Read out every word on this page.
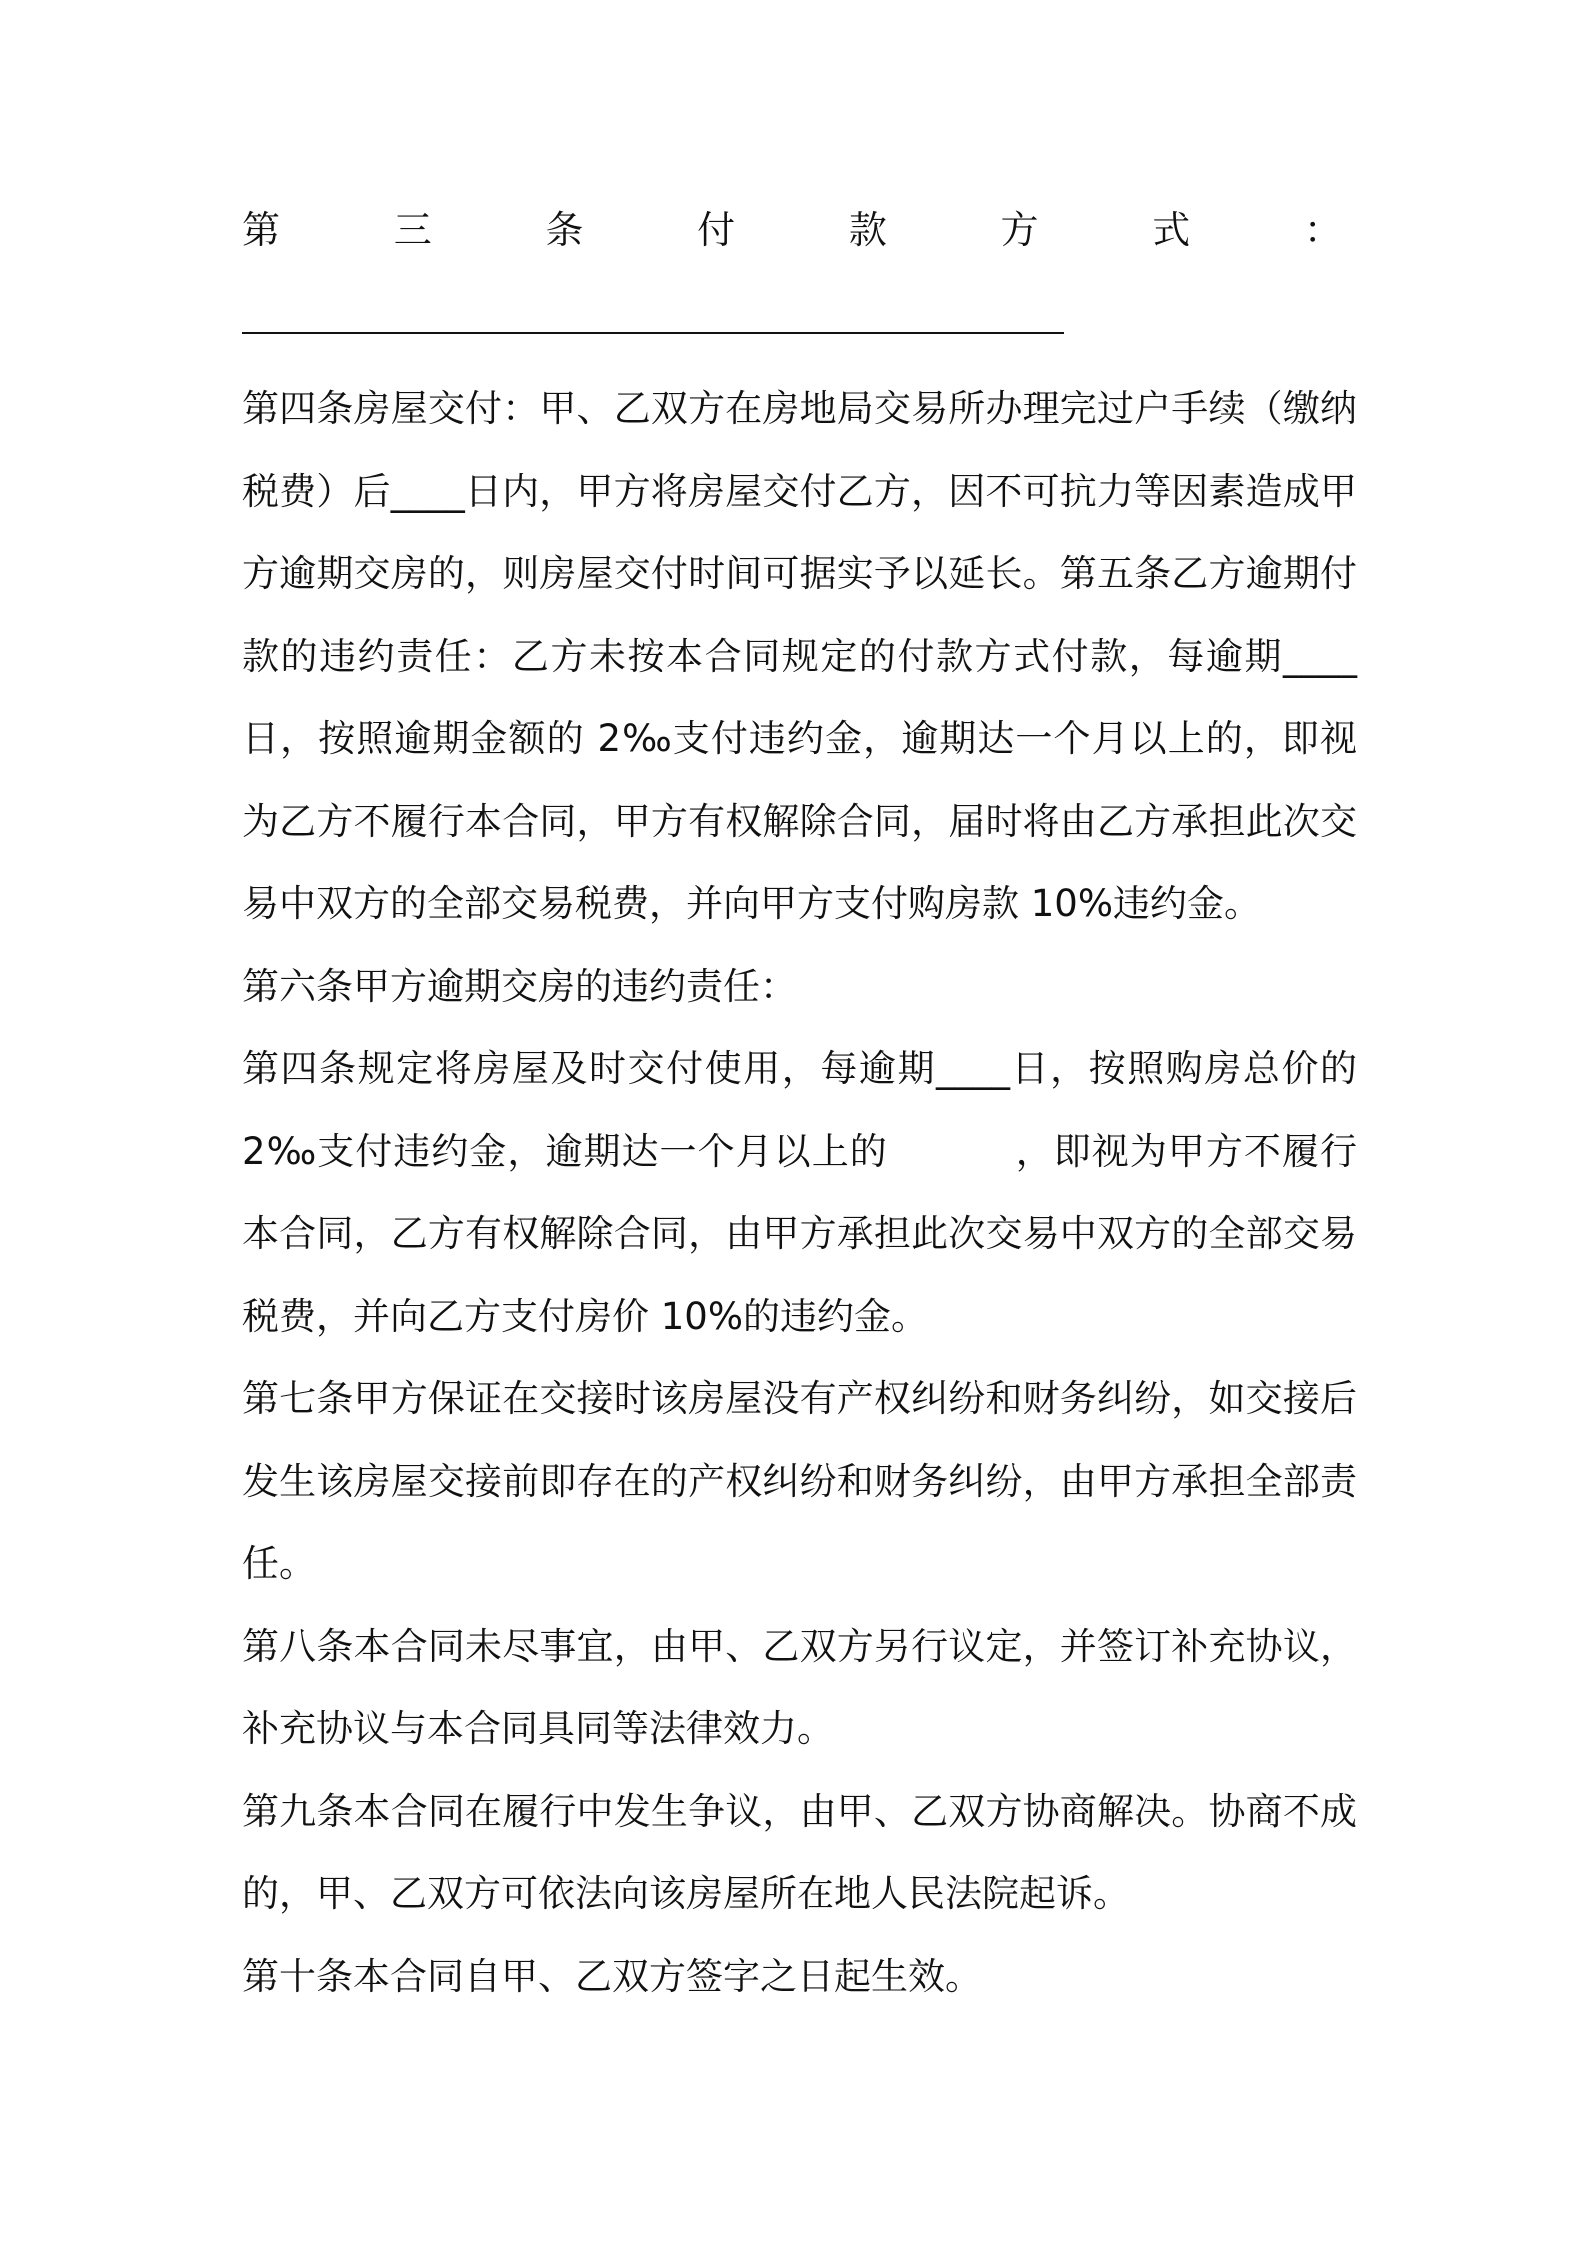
第	三	条	付	款	方	式	：

第四条房屋交付：甲、乙双方在房地局交易所办理完过户手续（缴纳税费）后____日内，甲方将房屋交付乙方，因不可抗力等因素造成甲方逾期交房的，则房屋交付时间可据实予以延长。第五条乙方逾期付款的违约责任：乙方未按本合同规定的付款方式付款，每逾期____日，按照逾期金额的 2‰支付违约金，逾期达一个月以上的，即视为乙方不履行本合同，甲方有权解除合同，届时将由乙方承担此次交易中双方的全部交易税费，并向甲方支付购房款 10%违约金。

第六条甲方逾期交房的违约责任：

第四条规定将房屋及时交付使用，每逾期____日，按照购房总价的 2‰支付违约金，逾期达一个月以上的          ，即视为甲方不履行本合同，乙方有权解除合同，由甲方承担此次交易中双方的全部交易税费，并向乙方支付房价 10%的违约金。

第七条甲方保证在交接时该房屋没有产权纠纷和财务纠纷，如交接后发生该房屋交接前即存在的产权纠纷和财务纠纷，由甲方承担全部责任。

第八条本合同未尽事宜，由甲、乙双方另行议定，并签订补充协议，补充协议与本合同具同等法律效力。

第九条本合同在履行中发生争议，由甲、乙双方协商解决。协商不成的，甲、乙双方可依法向该房屋所在地人民法院起诉。

第十条本合同自甲、乙双方签字之日起生效。
